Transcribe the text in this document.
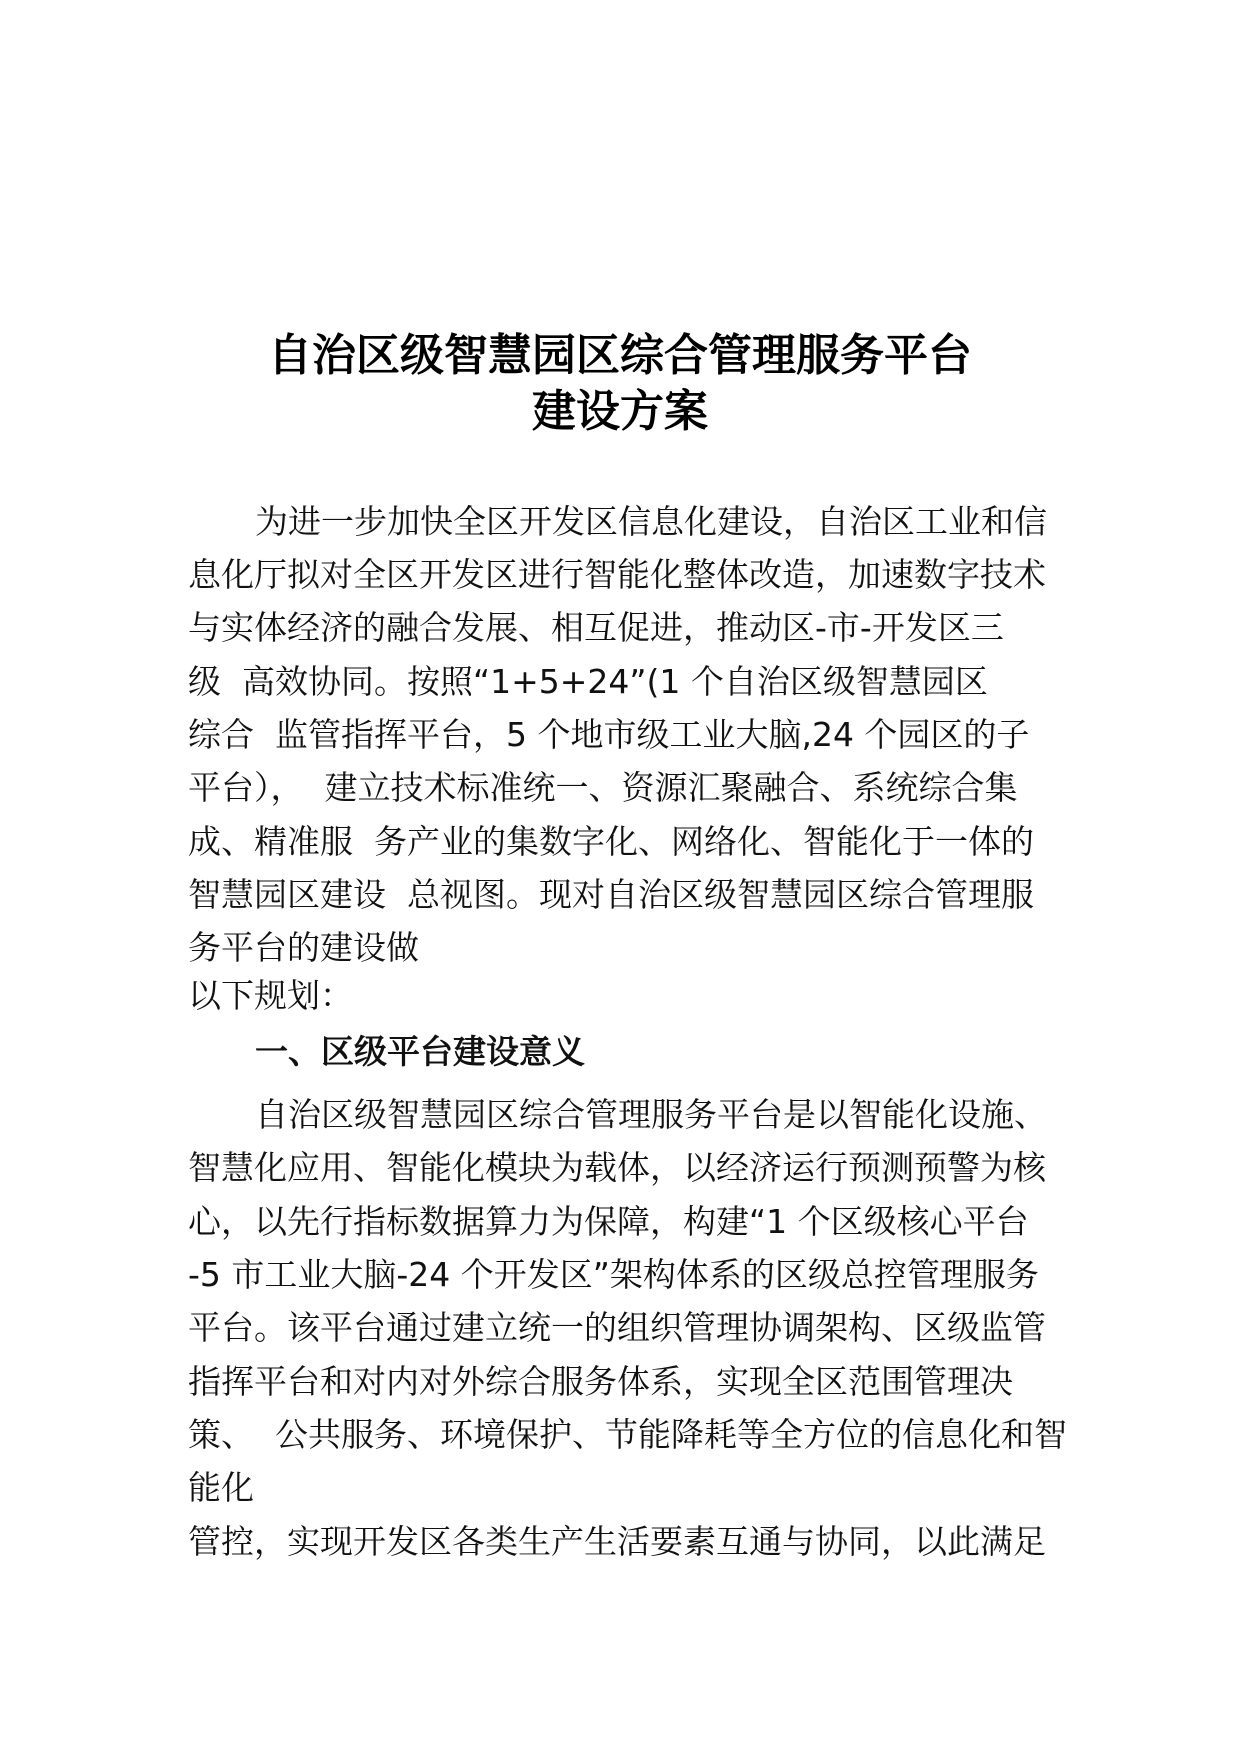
自治区级智慧园区综合管理服务平台
建设方案
为进一步加快全区开发区信息化建设，自治区工业和信
息化厅拟对全区开发区进行智能化整体改造，加速数字技术
与实体经济的融合发展、相互促进，推动区-市-开发区三
级  高效协同。按照“1+5+24”(1 个自治区级智慧园区
综合  监管指挥平台，5 个地市级工业大脑,24 个园区的子
平台），  建立技术标准统一、资源汇聚融合、系统综合集
成、精准服  务产业的集数字化、网络化、智能化于一体的
智慧园区建设  总视图。现对自治区级智慧园区综合管理服
务平台的建设做
以下规划：
一、区级平台建设意义
自治区级智慧园区综合管理服务平台是以智能化设施、
智慧化应用、智能化模块为载体，以经济运行预测预警为核
心，以先行指标数据算力为保障，构建“1 个区级核心平台
-5 市工业大脑-24 个开发区”架构体系的区级总控管理服务
平台。该平台通过建立统一的组织管理协调架构、区级监管
指挥平台和对内对外综合服务体系，实现全区范围管理决
策、  公共服务、环境保护、节能降耗等全方位的信息化和智
能化
管控，实现开发区各类生产生活要素互通与协同，以此满足
